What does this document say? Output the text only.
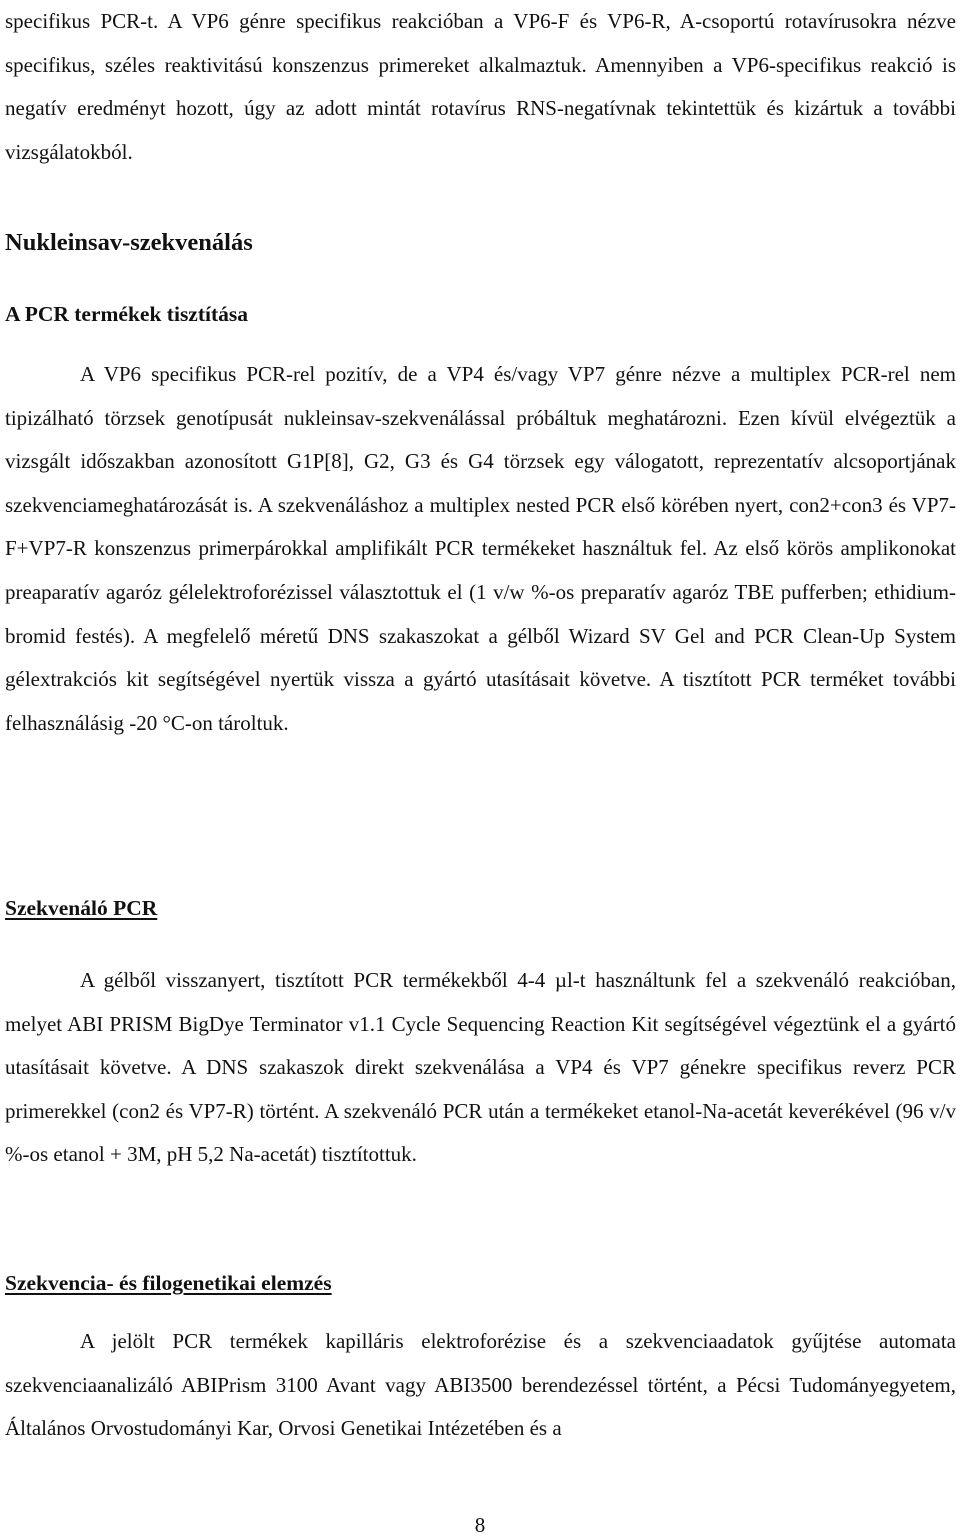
specifikus PCR-t. A VP6 génre specifikus reakcióban a VP6-F és VP6-R, A-csoportú rotavírusokra nézve specifikus, széles reaktivitású konszenzus primereket alkalmaztuk. Amennyiben a VP6-specifikus reakció is negatív eredményt hozott, úgy az adott mintát rotavírus RNS-negatívnak tekintettük és kizártuk a további vizsgálatokból.

Nukleinsav-szekvenálás
A PCR termékek tisztítása

A VP6 specifikus PCR-rel pozitív, de a VP4 és/vagy VP7 génre nézve a multiplex PCR-rel nem tipizálható törzsek genotípusát nukleinsav-szekvenálással próbáltuk meghatározni. Ezen kívül elvégeztük a vizsgált időszakban azonosított G1P[8], G2, G3 és G4 törzsek egy válogatott, reprezentatív alcsoportjának szekvenciameghatározását is. A szekvenáláshoz a multiplex nested PCR első körében nyert, con2+con3 és VP7-F+VP7-R konszenzus primerpárokkal amplifikált PCR termékeket használtuk fel. Az első körös amplikonokat preaparatív agaróz gélelektroforézissel választottuk el (1 v/w %-os preparatív agaróz TBE pufferben; ethidium-bromid festés). A megfelelő méretű DNS szakaszokat a gélből Wizard SV Gel and PCR Clean-Up System gélextrakciós kit segítségével nyertük vissza a gyártó utasításait követve. A tisztított PCR terméket további felhasználásig -20 °C-on tároltuk.

Szekvenáló PCR

A gélből visszanyert, tisztított PCR termékekből 4-4 µl-t használtunk fel a szekvenáló reakcióban, melyet ABI PRISM BigDye Terminator v1.1 Cycle Sequencing Reaction Kit segítségével végeztünk el a gyártó utasításait követve. A DNS szakaszok direkt szekvenálása a VP4 és VP7 génekre specifikus reverz PCR primerekkel (con2 és VP7-R) történt. A szekvenáló PCR után a termékeket etanol-Na-acetát keverékével (96 v/v %-os etanol + 3M, pH 5,2 Na-acetát) tisztítottuk.

Szekvencia- és filogenetikai elemzés

A jelölt PCR termékek kapilláris elektroforézise és a szekvenciaadatok gyűjtése automata szekvenciaanalizáló ABIPrism 3100 Avant vagy ABI3500 berendezéssel történt, a Pécsi Tudományegyetem, Általános Orvostudományi Kar, Orvosi Genetikai Intézetében és a

8
